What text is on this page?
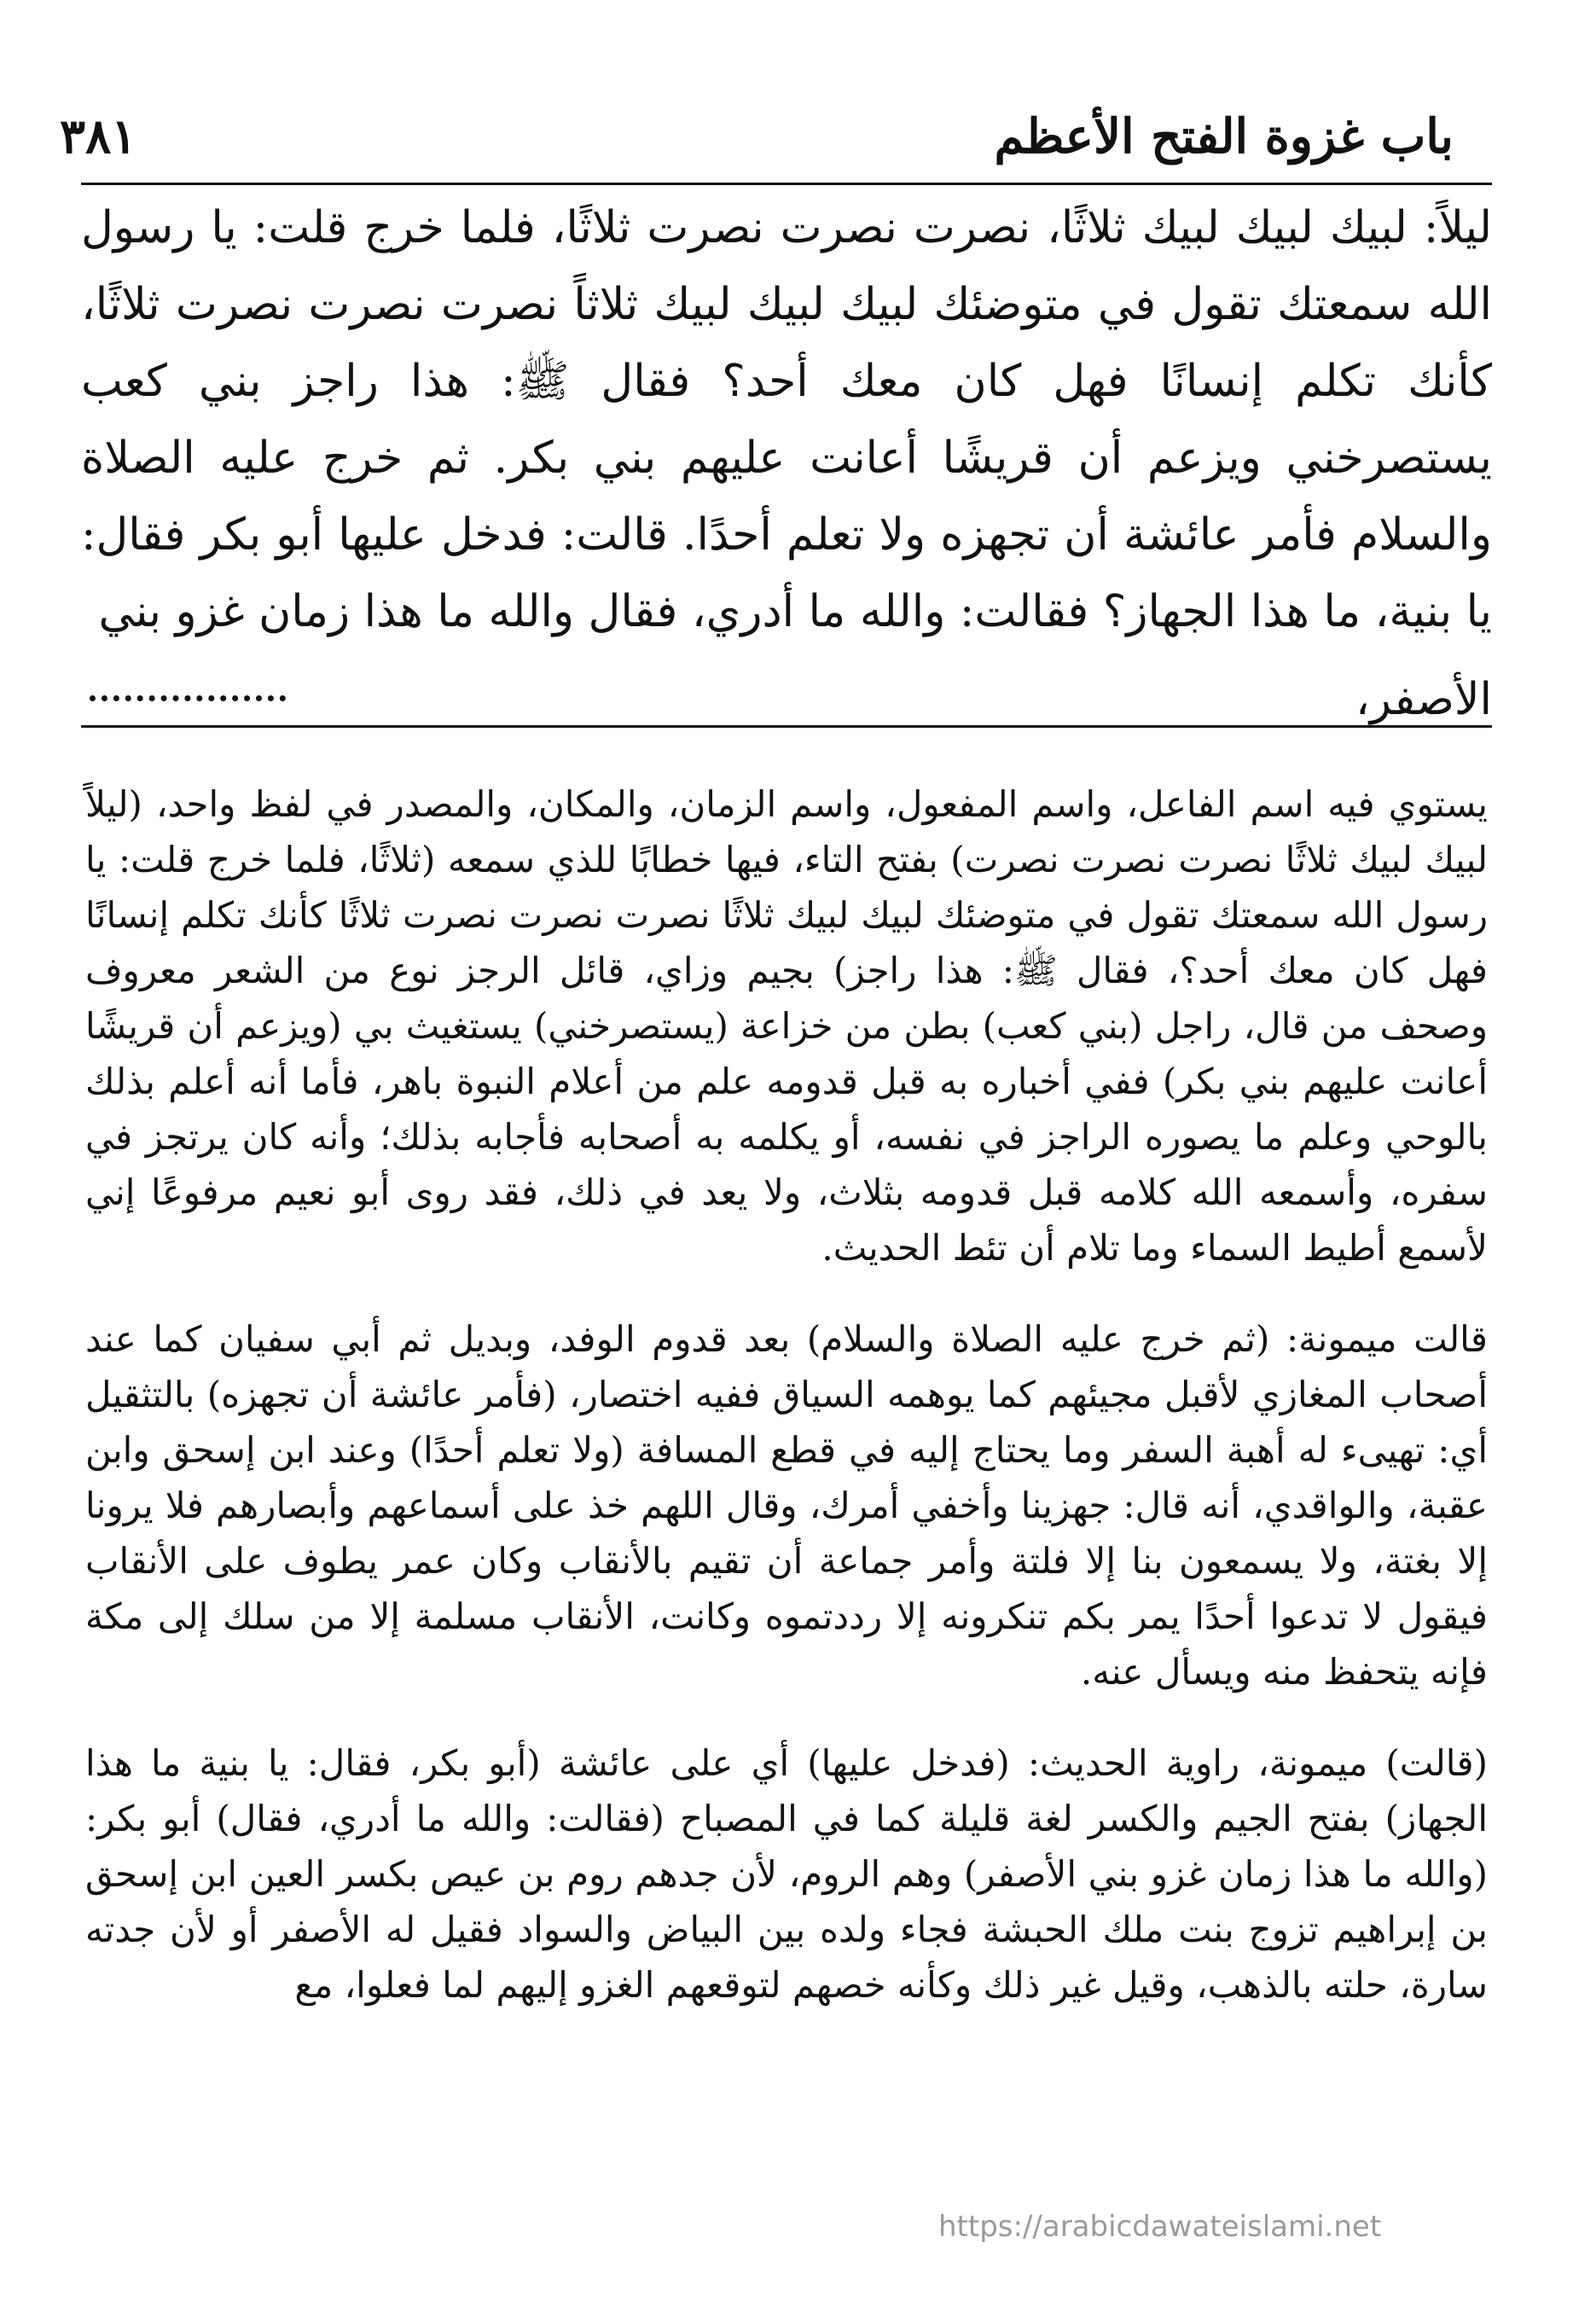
باب غزوة الفتح الأعظم
٣٨١
ليلاً: لبيك لبيك لبيك ثلاثًا، نصرت نصرت نصرت ثلاثًا، فلما خرج قلت: يا رسول الله سمعتك تقول في متوضئك لبيك لبيك لبيك ثلاثاً نصرت نصرت نصرت ثلاثًا، كأنك تكلم إنسانًا فهل كان معك أحد؟ فقال ﷺ: هذا راجز بني كعب يستصرخني ويزعم أن قريشًا أعانت عليهم بني بكر. ثم خرج عليه الصلاة والسلام فأمر عائشة أن تجهزه ولا تعلم أحدًا. قالت: فدخل عليها أبو بكر فقال: يا بنية، ما هذا الجهاز؟ فقالت: والله ما أدري، فقال والله ما هذا زمان غزو بني
الأصفر،

يستوي فيه اسم الفاعل، واسم المفعول، واسم الزمان، والمكان، والمصدر في لفظ واحد، (ليلاً لبيك لبيك ثلاثًا نصرت نصرت نصرت) بفتح التاء، فيها خطابًا للذي سمعه (ثلاثًا، فلما خرج قلت: يا رسول الله سمعتك تقول في متوضئك لبيك لبيك ثلاثًا نصرت نصرت نصرت ثلاثًا كأنك تكلم إنسانًا فهل كان معك أحد؟، فقال ﷺ: هذا راجز) بجيم وزاي، قائل الرجز نوع من الشعر معروف وصحف من قال، راجل (بني كعب) بطن من خزاعة (يستصرخني) يستغيث بي (ويزعم أن قريشًا أعانت عليهم بني بكر) ففي أخباره به قبل قدومه علم من أعلام النبوة باهر، فأما أنه أعلم بذلك بالوحي وعلم ما يصوره الراجز في نفسه، أو يكلمه به أصحابه فأجابه بذلك؛ وأنه كان يرتجز في سفره، وأسمعه الله كلامه قبل قدومه بثلاث، ولا يعد في ذلك، فقد روى أبو نعيم مرفوعًا إني لأسمع أطيط السماء وما تلام أن تئط الحديث.

قالت ميمونة: (ثم خرج عليه الصلاة والسلام) بعد قدوم الوفد، وبديل ثم أبي سفيان كما عند أصحاب المغازي لأقبل مجيئهم كما يوهمه السياق ففيه اختصار، (فأمر عائشة أن تجهزه) بالتثقيل أي: تهيىء له أهبة السفر وما يحتاج إليه في قطع المسافة (ولا تعلم أحدًا) وعند ابن إسحق وابن عقبة، والواقدي، أنه قال: جهزينا وأخفي أمرك، وقال اللهم خذ على أسماعهم وأبصارهم فلا يرونا إلا بغتة، ولا يسمعون بنا إلا فلتة وأمر جماعة أن تقيم بالأنقاب وكان عمر يطوف على الأنقاب فيقول لا تدعوا أحدًا يمر بكم تنكرونه إلا رددتموه وكانت، الأنقاب مسلمة إلا من سلك إلى مكة فإنه يتحفظ منه ويسأل عنه.

(قالت) ميمونة، راوية الحديث: (فدخل عليها) أي على عائشة (أبو بكر، فقال: يا بنية ما هذا الجهاز) بفتح الجيم والكسر لغة قليلة كما في المصباح (فقالت: والله ما أدري، فقال) أبو بكر: (والله ما هذا زمان غزو بني الأصفر) وهم الروم، لأن جدهم روم بن عيص بكسر العين ابن إسحق بن إبراهيم تزوج بنت ملك الحبشة فجاء ولده بين البياض والسواد فقيل له الأصفر أو لأن جدته سارة، حلته بالذهب، وقيل غير ذلك وكأنه خصهم لتوقعهم الغزو إليهم لما فعلوا، مع

https://arabicdawateislami.net
